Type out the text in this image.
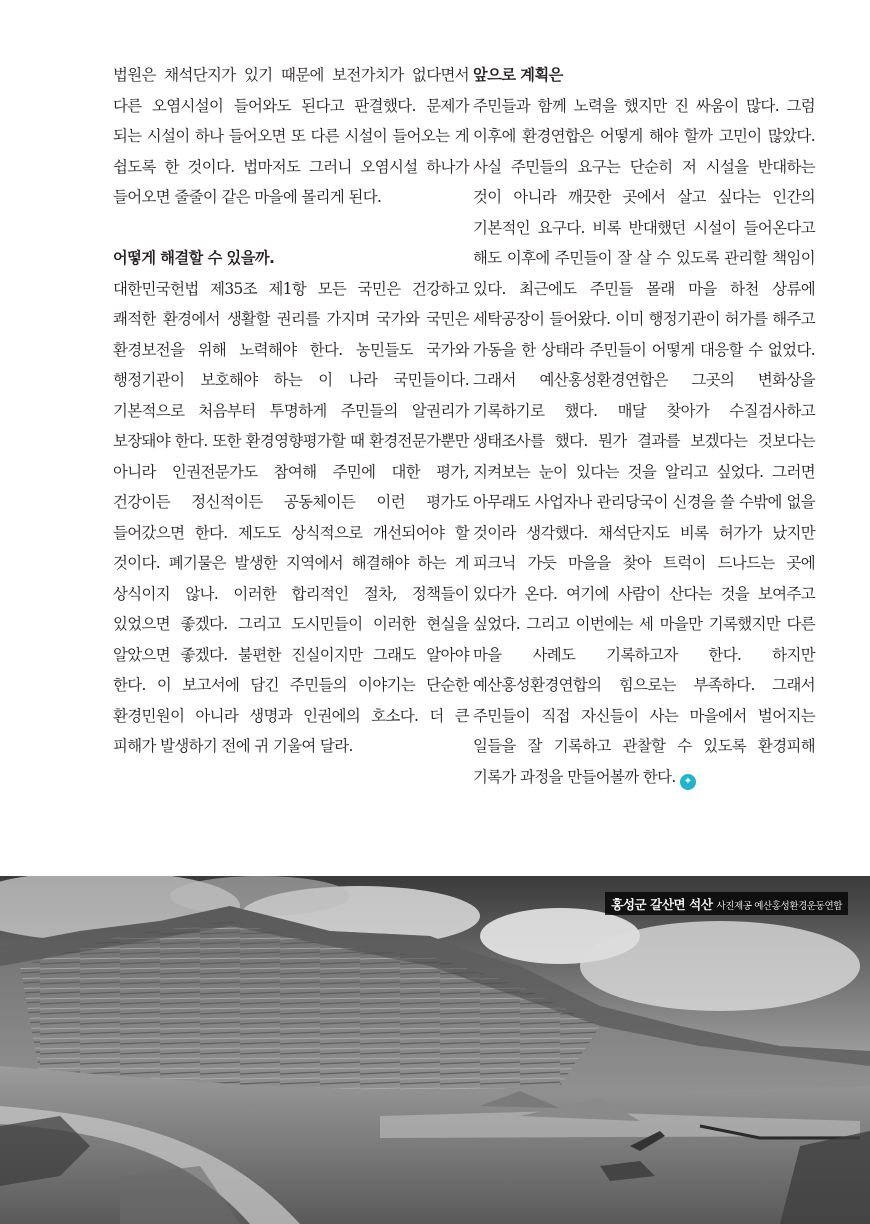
법원은 채석단지가 있기 때문에 보전가치가 없다면서 다른 오염시설이 들어와도 된다고 판결했다. 문제가 되는 시설이 하나 들어오면 또 다른 시설이 들어오는 게 쉽도록 한 것이다. 법마저도 그러니 오염시설 하나가 들어오면 줄줄이 같은 마을에 몰리게 된다.

어떻게 해결할 수 있을까.

대한민국헌법 제35조 제1항 모든 국민은 건강하고 쾌적한 환경에서 생활할 권리를 가지며 국가와 국민은 환경보전을 위해 노력해야 한다. 농민들도 국가와 행정기관이 보호해야 하는 이 나라 국민들이다. 기본적으로 처음부터 투명하게 주민들의 알권리가 보장돼야 한다. 또한 환경영향평가할 때 환경전문가뿐만 아니라 인권전문가도 참여해 주민에 대한 평가, 건강이든 정신적이든 공동체이든 이런 평가도 들어갔으면 한다. 제도도 상식적으로 개선되어야 할 것이다. 폐기물은 발생한 지역에서 해결해야 하는 게 상식이지 않나. 이러한 합리적인 절차, 정책들이 있었으면 좋겠다. 그리고 도시민들이 이러한 현실을 알았으면 좋겠다. 불편한 진실이지만 그래도 알아야 한다. 이 보고서에 담긴 주민들의 이야기는 단순한 환경민원이 아니라 생명과 인권에의 호소다. 더 큰 피해가 발생하기 전에 귀 기울여 달라.

앞으로 계획은

주민들과 함께 노력을 했지만 진 싸움이 많다. 그럼 이후에 환경연합은 어떻게 해야 할까 고민이 많았다. 사실 주민들의 요구는 단순히 저 시설을 반대하는 것이 아니라 깨끗한 곳에서 살고 싶다는 인간의 기본적인 요구다. 비록 반대했던 시설이 들어온다고 해도 이후에 주민들이 잘 살 수 있도록 관리할 책임이 있다. 최근에도 주민들 몰래 마을 하천 상류에 세탁공장이 들어왔다. 이미 행정기관이 허가를 해주고 가동을 한 상태라 주민들이 어떻게 대응할 수 없었다. 그래서 예산홍성환경연합은 그곳의 변화상을 기록하기로 했다. 매달 찾아가 수질검사하고 생태조사를 했다. 뭔가 결과를 보겠다는 것보다는 지켜보는 눈이 있다는 것을 알리고 싶었다. 그러면 아무래도 사업자나 관리당국이 신경을 쓸 수밖에 없을 것이라 생각했다. 채석단지도 비록 허가가 났지만 피크닉 가듯 마을을 찾아 트럭이 드나드는 곳에 있다가 온다. 여기에 사람이 산다는 것을 보여주고 싶었다. 그리고 이번에는 세 마을만 기록했지만 다른 마을 사례도 기록하고자 한다. 하지만 예산홍성환경연합의 힘으로는 부족하다. 그래서 주민들이 직접 자신들이 사는 마을에서 벌어지는 일들을 잘 기록하고 관찰할 수 있도록 환경피해 기록가 과정을 만들어볼까 한다. ✦

홍성군 갈산면 석산 사진제공 예산홍성환경운동연합
